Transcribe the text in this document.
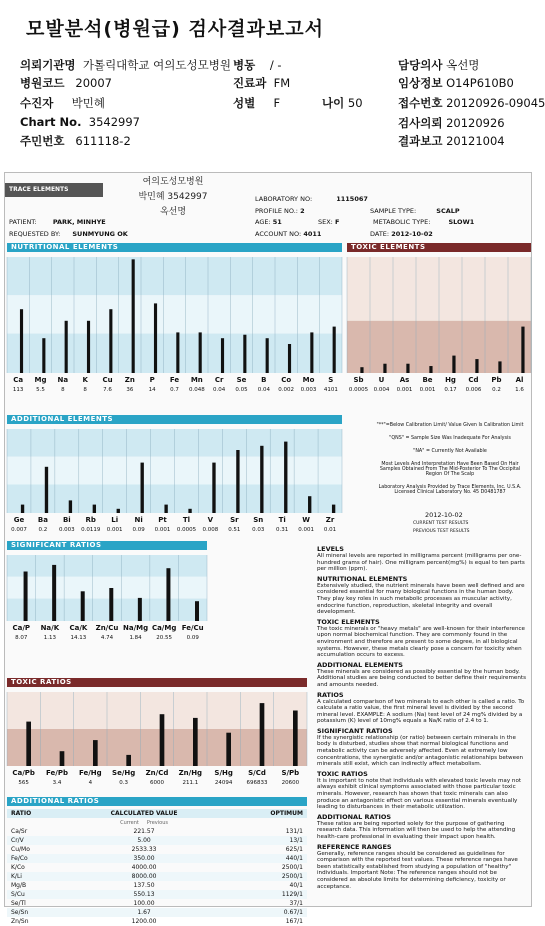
모발분석(병원급) 검사결과보고서
의뢰기관명 가톨릭대학교 여의도성모병원 병동 / -	담당의사 옥선명
병원코드 20007	진료과 FM	임상정보 O14P610B0
수진자 박민혜	성별 F	나이 50	접수번호 20120926-09045
Chart No. 3542997	검사의뢰 20120926
주민번호 611118-2	결과보고 20121004
TRACE ELEMENTS
여의도성모병원
박민혜 3542997
옥선명
LABORATORY NO:	1115067
PROFILE NO.: 2	SAMPLE TYPE:	SCALP
PATIENT: PARK, MINHYE	AGE: 51	SEX: F	METABOLIC TYPE:	SLOW1
REQUESTED BY: SUNMYUNG OK	ACCOUNT NO: 4011	DATE: 2012-10-02
NUTRITIONAL ELEMENTS
Ca
113
Mg
5.5
Na
8
K
8
Cu
7.6
Zn
36
P
14
Fe
0.7
Mn
0.048
Cr
0.04
Se
0.05
B
0.04
Co
0.002
Mo
0.003
S
4101
TOXIC ELEMENTS
Sb
0.0005
U
0.004
As
0.001
Be
0.001
Hg
0.17
Cd
0.006
Pb
0.2
Al
1.6
ADDITIONAL ELEMENTS
Ge
0.007
Ba
0.2
Bi
0.003
Rb
0.0119
Li
0.001
Ni
0.09
Pt
0.001
Tl
0.0005
V
0.008
Sr
0.51
Sn
0.03
Ti
0.31
W
0.001
Zr
0.01
"**"=Below Calibration Limit/ Value Given Is Calibration Limit
"QNS" = Sample Size Was Inadequate For Analysis
"NA" = Currently Not Available
Most Levels And Interpretation Have Been Based On Hair Samples Obtained From The Mid-Posterior To The Occipital Region Of The Scalp
Laboratory Analysis Provided by Trace Elements, Inc. U.S.A. Licensed Clinical Laboratory No. 45 D0481787
2012-10-02
CURRENT TEST RESULTS
PREVIOUS TEST RESULTS
SIGNIFICANT RATIOS
Ca/P
8.07
Na/K
1.13
Ca/K
14.13
Zn/Cu
4.74
Na/Mg
1.84
Ca/Mg
20.55
Fe/Cu
0.09
TOXIC RATIOS
Ca/Pb
565
Fe/Pb
3.4
Fe/Hg
4
Se/Hg
0.3
Zn/Cd
6000
Zn/Hg
211.1
S/Hg
24094
S/Cd
696833
S/Pb
20600
ADDITIONAL RATIOS
RATIO	CALCULATED VALUE	OPTIMUM
	Current Previous	
Ca/Sr	221.57	131/1
Cr/V	5.00	13/1
Cu/Mo	2533.33	625/1
Fe/Co	350.00	440/1
K/Co	4000.00	2500/1
K/Li	8000.00	2500/1
Mg/B	137.50	40/1
S/Cu	550.13	1129/1
Se/Tl	100.00	37/1
Se/Sn	1.67	0.67/1
Zn/Sn	1200.00	167/1
LEVELS

All mineral levels are reported in milligrams percent (milligrams per one-hundred grams of hair). One milligram percent(mg%) is equal to ten parts per million (ppm).

NUTRITIONAL ELEMENTS

Extensively studied, the nutrient minerals have been well defined and are considered essential for many biological functions in the human body. They play key roles in such metabolic processes as muscular activity, endocrine function, reproduction, skeletal integrity and overall development.

TOXIC ELEMENTS

The toxic minerals or "heavy metals" are well-known for their interference upon normal biochemical function. They are commonly found in the environment and therefore are present to some degree, in all biological systems. However, these metals clearly pose a concern for toxicity when accumulation occurs to excess.

ADDITIONAL ELEMENTS

These minerals are considered as possibly essential by the human body. Additional studies are being conducted to better define their requirements and amounts needed.

RATIOS

A calculated comparison of two minerals to each other is called a ratio. To calculate a ratio value, the first mineral level is divided by the second mineral level. EXAMPLE: A sodium (Na) test level of 24 mg% divided by a potassium (K) level of 10mg% equals a Na/K ratio of 2.4 to 1.

SIGNIFICANT RATIOS

If the synergistic relationship (or ratio) between certain minerals in the body is disturbed, studies show that normal biological functions and metabolic activity can be adversely affected. Even at extremely low concentrations, the synergistic and/or antagonistic relationships between minerals still exist, which can indirectly affect metabolism.

TOXIC RATIOS

It is important to note that individuals with elevated toxic levels may not always exhibit clinical symptoms associated with those particular toxic minerals. However, research has shown that toxic minerals can also produce an antagonistic effect on various essential minerals eventually leading to disturbances in their metabolic utilization.

ADDITIONAL RATIOS

These ratios are being reported solely for the purpose of gathering research data. This information will then be used to help the attending health-care professional in evaluating their impact upon health.

REFERENCE RANGES

Generally, reference ranges should be considered as guidelines for comparison with the reported test values. These reference ranges have been statistically established from studying a population of "healthy" individuals. Important Note: The reference ranges should not be considered as absolute limits for determining deficiency, toxicity or acceptance.
